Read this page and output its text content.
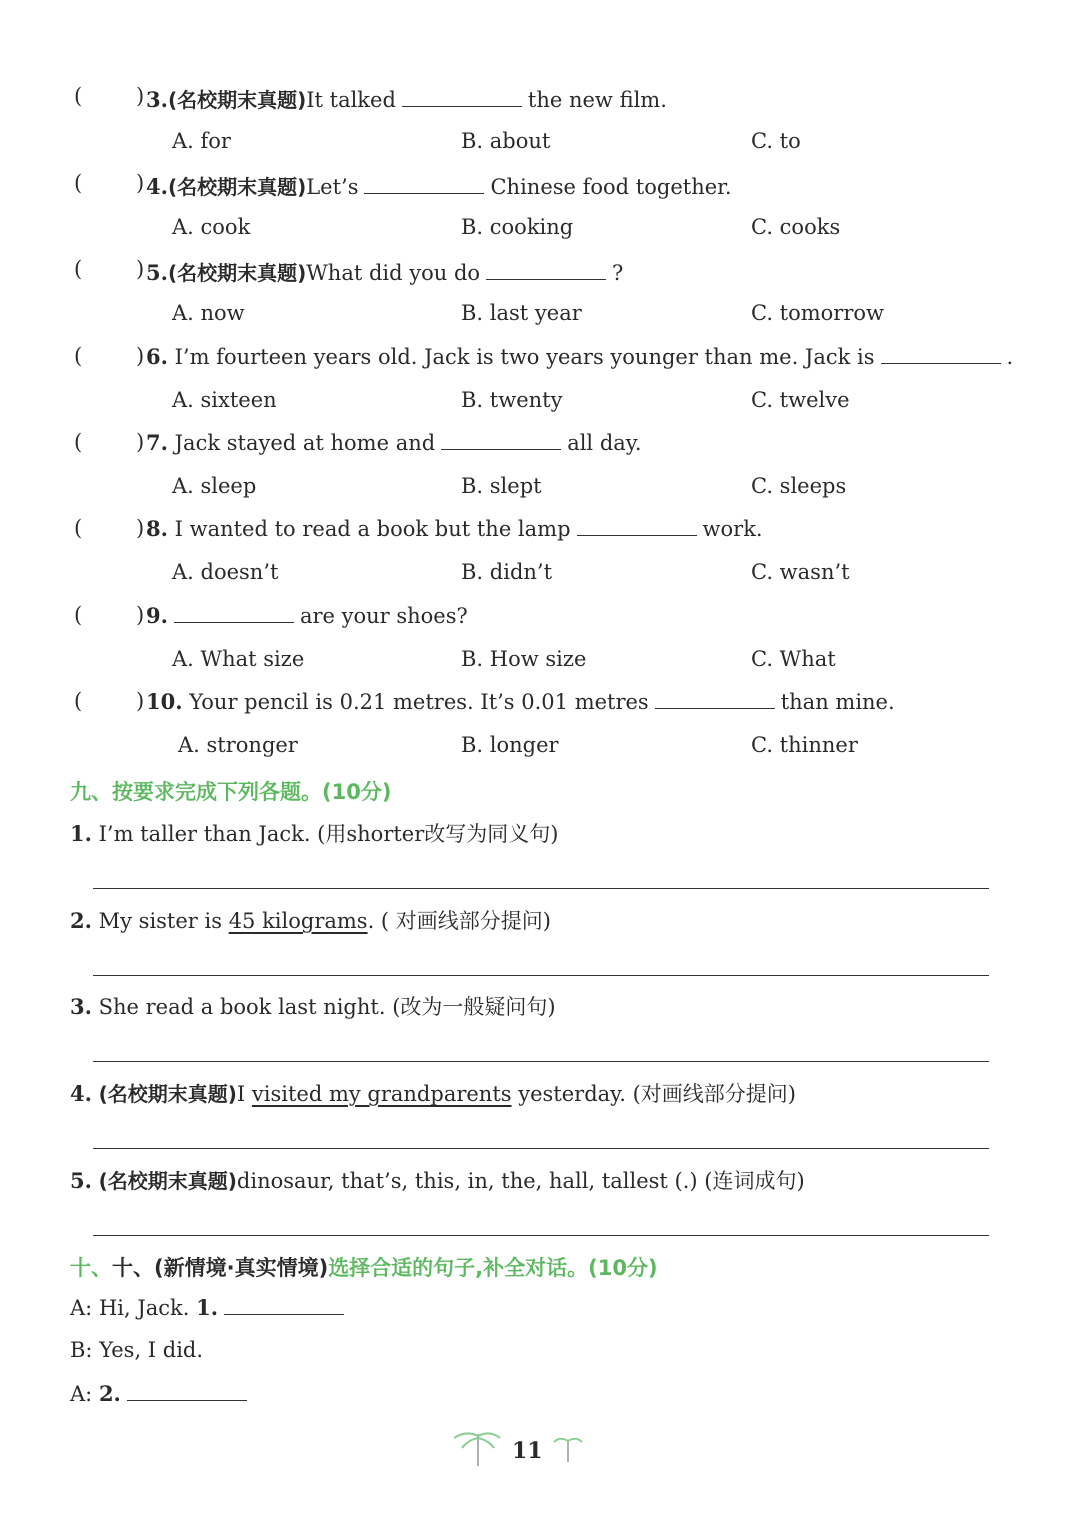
(	) 3.(名校期末真题)It talked	the new film.
A. for	B. about	C. to
(	) 4.(名校期末真题)Let’s	Chinese food together.
A. cook	B. cooking	C. cooks
(	) 5.(名校期末真题)What did you do	?
A. now	B. last year	C. tomorrow
(	) 6. I’m fourteen years old. Jack is two years younger than me. Jack is	.
A. sixteen	B. twenty	C. twelve
(	) 7. Jack stayed at home and	all day.
A. sleep	B. slept	C. sleeps
(	) 8. I wanted to read a book but the lamp	work.
A. doesn’t	B. didn’t	C. wasn’t
(	) 9.	are your shoes?
A. What size	B. How size	C. What
(	) 10. Your pencil is 0.21 metres. It’s 0.01 metres	than mine.
A. stronger	B. longer	C. thinner
九、按要求完成下列各题。(10分)
1. I’m taller than Jack. (用shorter改写为同义句)
2. My sister is 45 kilograms. ( 对画线部分提问)
3. She read a book last night. (改为一般疑问句)
4. (名校期末真题)I visited my grandparents yesterday. (对画线部分提问)
5. (名校期末真题)dinosaur, that’s, this, in, the, hall, tallest (.) (连词成句)
十、十、(新情境·真实情境)选择合适的句子,补全对话。(10分)
A: Hi, Jack. 1.
B: Yes, I did.
A: 2.
11
